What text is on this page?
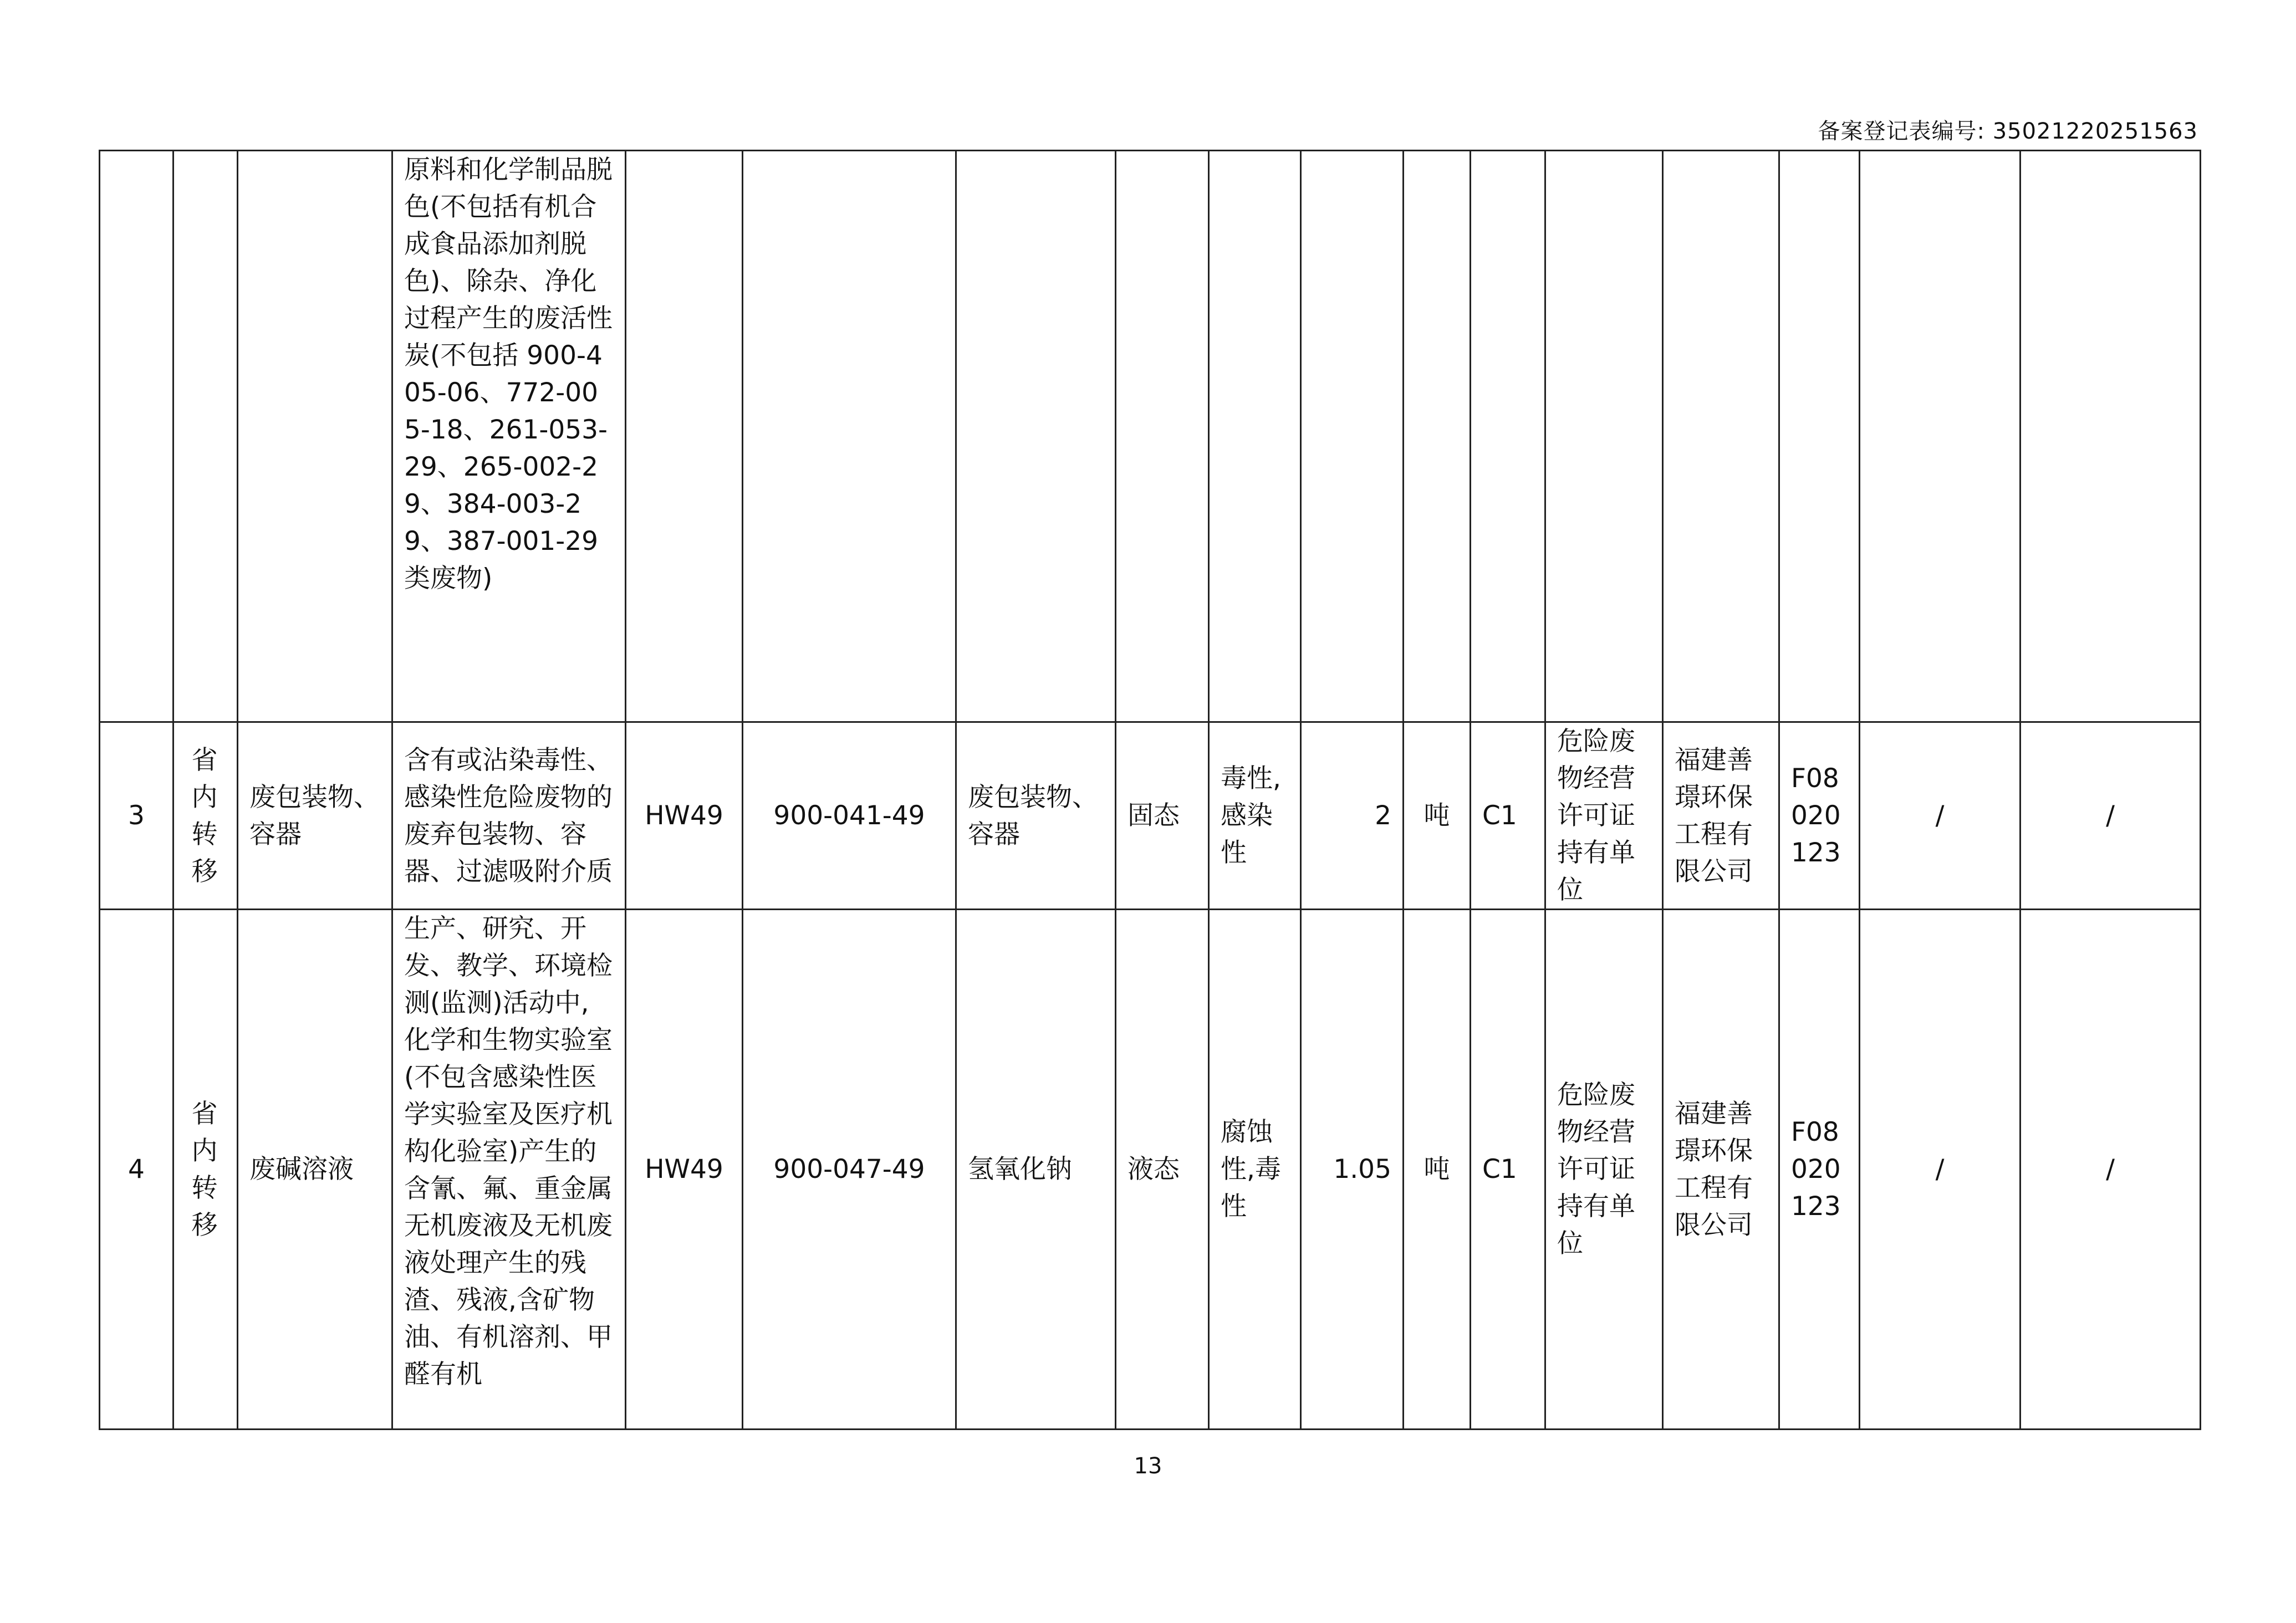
备案登记表编号: 35021220251563
			原料和化学制品脱色(不包括有机合成食品添加剂脱色)、除杂、净化过程产生的废活性炭(不包括 900-405-06、772-005-18、261-053-29、265-002-29、384-003-29、387-001-29 类废物)													
3	省内转移	废包装物、容器	含有或沾染毒性、感染性危险废物的废弃包装物、容器、过滤吸附介质	HW49	900-041-49	废包装物、容器	固态	毒性,感染性	2	吨	C1	危险废物经营许可证持有单位	福建善璟环保工程有限公司	F08020123	/	/
4	省内转移	废碱溶液	生产、研究、开发、教学、环境检测(监测)活动中,化学和生物实验室(不包含感染性医学实验室及医疗机构化验室)产生的含氰、氟、重金属无机废液及无机废液处理产生的残渣、残液,含矿物油、有机溶剂、甲醛有机	HW49	900-047-49	氢氧化钠	液态	腐蚀性,毒性	1.05	吨	C1	危险废物经营许可证持有单位	福建善璟环保工程有限公司	F08020123	/	/
13
